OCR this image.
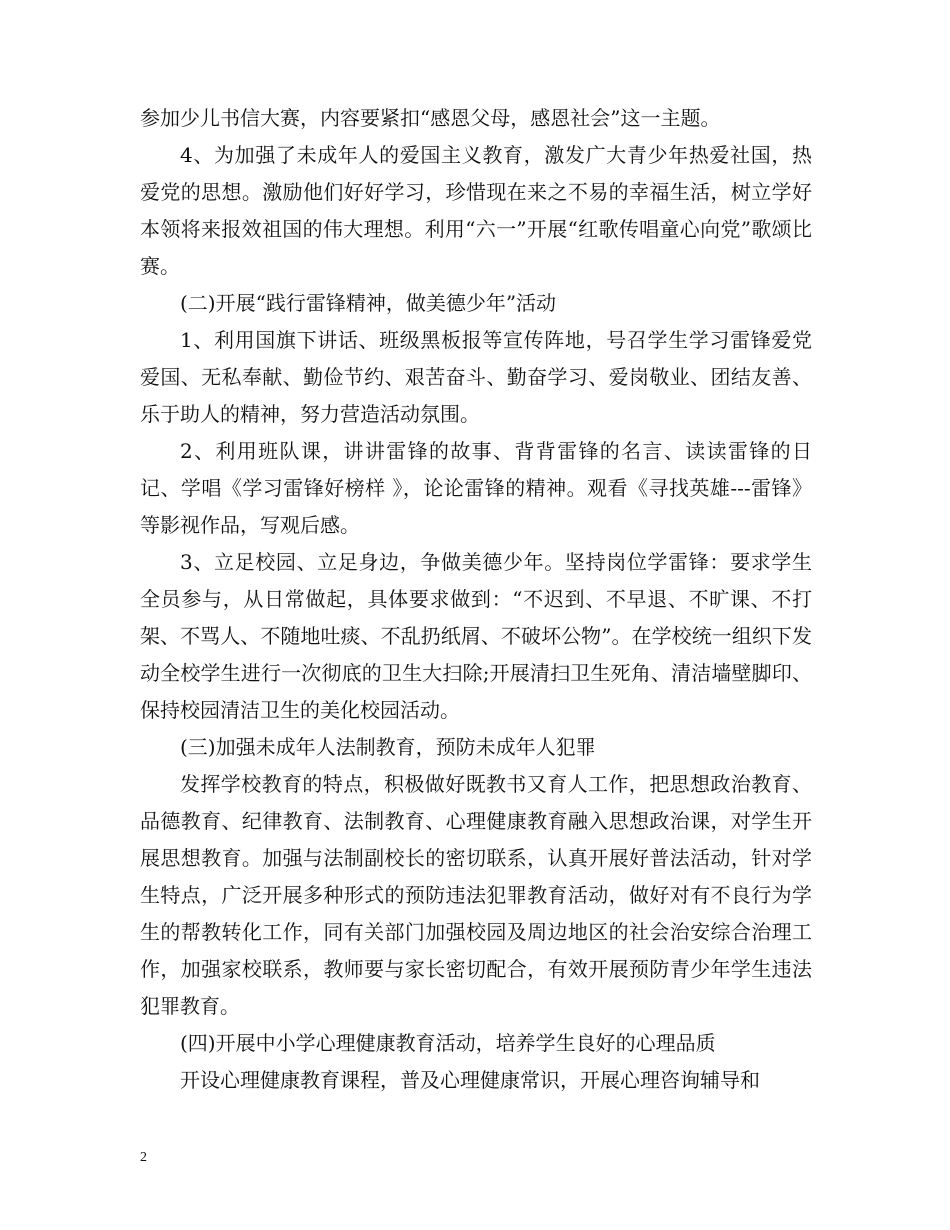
参加少儿书信大赛，内容要紧扣“感恩父母，感恩社会”这一主题。

4、为加强了未成年人的爱国主义教育，激发广大青少年热爱社国，热爱党的思想。激励他们好好学习，珍惜现在来之不易的幸福生活，树立学好本领将来报效祖国的伟大理想。利用“六一”开展“红歌传唱童心向党”歌颂比赛。

(二)开展“践行雷锋精神，做美德少年”活动

1、利用国旗下讲话、班级黑板报等宣传阵地，号召学生学习雷锋爱党爱国、无私奉献、勤俭节约、艰苦奋斗、勤奋学习、爱岗敬业、团结友善、乐于助人的精神，努力营造活动氛围。

2、利用班队课，讲讲雷锋的故事、背背雷锋的名言、读读雷锋的日记、学唱《学习雷锋好榜样 》，论论雷锋的精神。观看《寻找英雄---雷锋》等影视作品，写观后感。

3、立足校园、立足身边，争做美德少年。坚持岗位学雷锋：要求学生全员参与，从日常做起，具体要求做到：“不迟到、不早退、不旷课、不打架、不骂人、不随地吐痰、不乱扔纸屑、不破坏公物”。在学校统一组织下发动全校学生进行一次彻底的卫生大扫除;开展清扫卫生死角、清洁墙壁脚印、保持校园清洁卫生的美化校园活动。

(三)加强未成年人法制教育，预防未成年人犯罪

发挥学校教育的特点，积极做好既教书又育人工作，把思想政治教育、品德教育、纪律教育、法制教育、心理健康教育融入思想政治课，对学生开展思想教育。加强与法制副校长的密切联系，认真开展好普法活动，针对学生特点，广泛开展多种形式的预防违法犯罪教育活动，做好对有不良行为学生的帮教转化工作，同有关部门加强校园及周边地区的社会治安综合治理工作，加强家校联系，教师要与家长密切配合，有效开展预防青少年学生违法犯罪教育。

(四)开展中小学心理健康教育活动，培养学生良好的心理品质

开设心理健康教育课程，普及心理健康常识，开展心理咨询辅导和

2
